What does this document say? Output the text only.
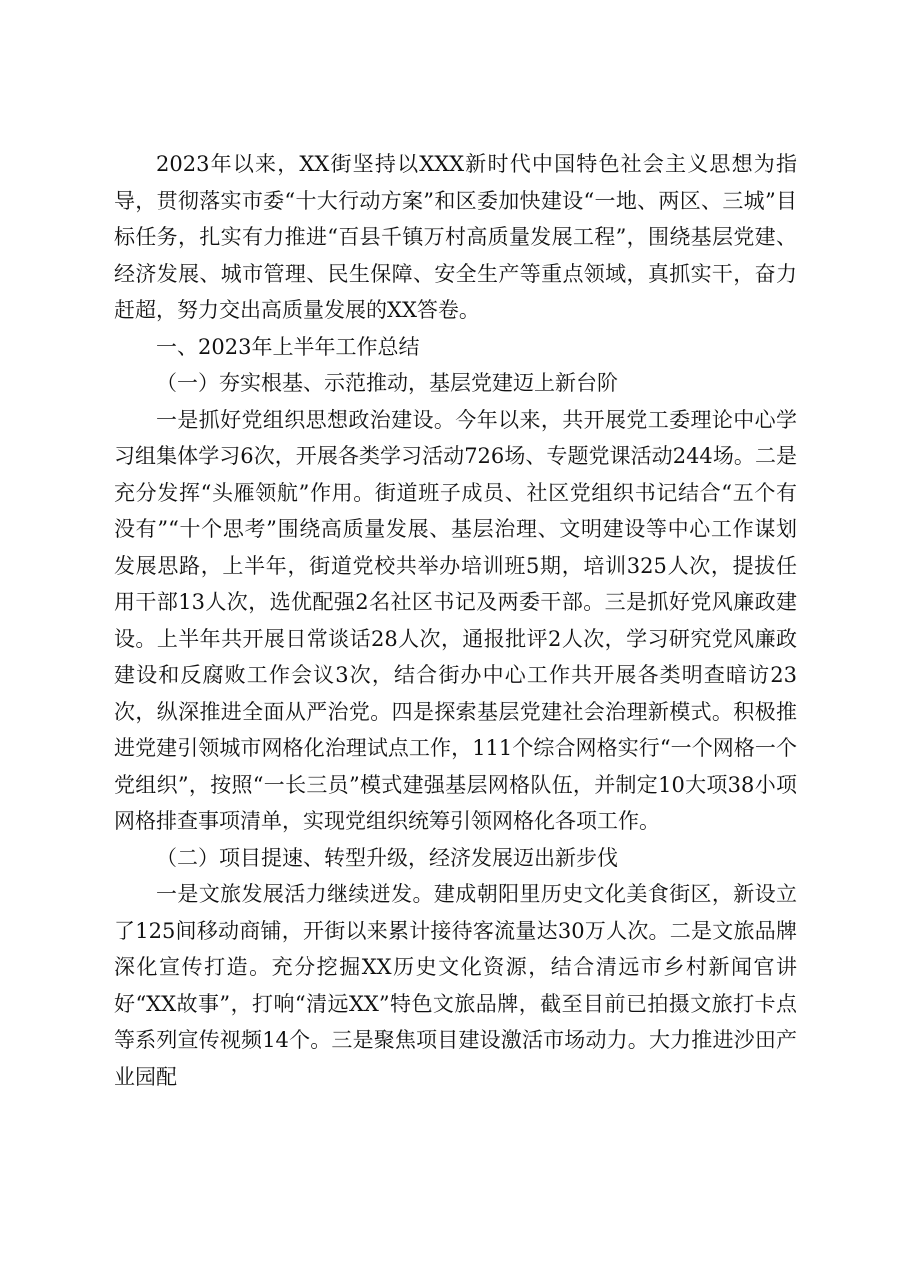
2023年以来，XX街坚持以XXX新时代中国特色社会主义思想为指导，贯彻落实市委“十大行动方案”和区委加快建设“一地、两区、三城”目标任务，扎实有力推进“百县千镇万村高质量发展工程”，围绕基层党建、经济发展、城市管理、民生保障、安全生产等重点领域，真抓实干，奋力赶超，努力交出高质量发展的XX答卷。

一、2023年上半年工作总结

（一）夯实根基、示范推动，基层党建迈上新台阶

一是抓好党组织思想政治建设。今年以来，共开展党工委理论中心学习组集体学习6次，开展各类学习活动726场、专题党课活动244场。二是充分发挥“头雁领航”作用。街道班子成员、社区党组织书记结合“五个有没有”“十个思考”围绕高质量发展、基层治理、文明建设等中心工作谋划发展思路，上半年，街道党校共举办培训班5期，培训325人次，提拔任用干部13人次，选优配强2名社区书记及两委干部。三是抓好党风廉政建设。上半年共开展日常谈话28人次，通报批评2人次，学习研究党风廉政建设和反腐败工作会议3次，结合街办中心工作共开展各类明查暗访23次，纵深推进全面从严治党。四是探索基层党建社会治理新模式。积极推进党建引领城市网格化治理试点工作，111个综合网格实行“一个网格一个党组织”，按照“一长三员”模式建强基层网格队伍，并制定10大项38小项网格排查事项清单，实现党组织统筹引领网格化各项工作。

（二）项目提速、转型升级，经济发展迈出新步伐

一是文旅发展活力继续迸发。建成朝阳里历史文化美食街区，新设立了125间移动商铺，开街以来累计接待客流量达30万人次。二是文旅品牌深化宣传打造。充分挖掘XX历史文化资源，结合清远市乡村新闻官讲好“XX故事”，打响“清远XX”特色文旅品牌，截至目前已拍摄文旅打卡点等系列宣传视频14个。三是聚焦项目建设激活市场动力。大力推进沙田产业园配
